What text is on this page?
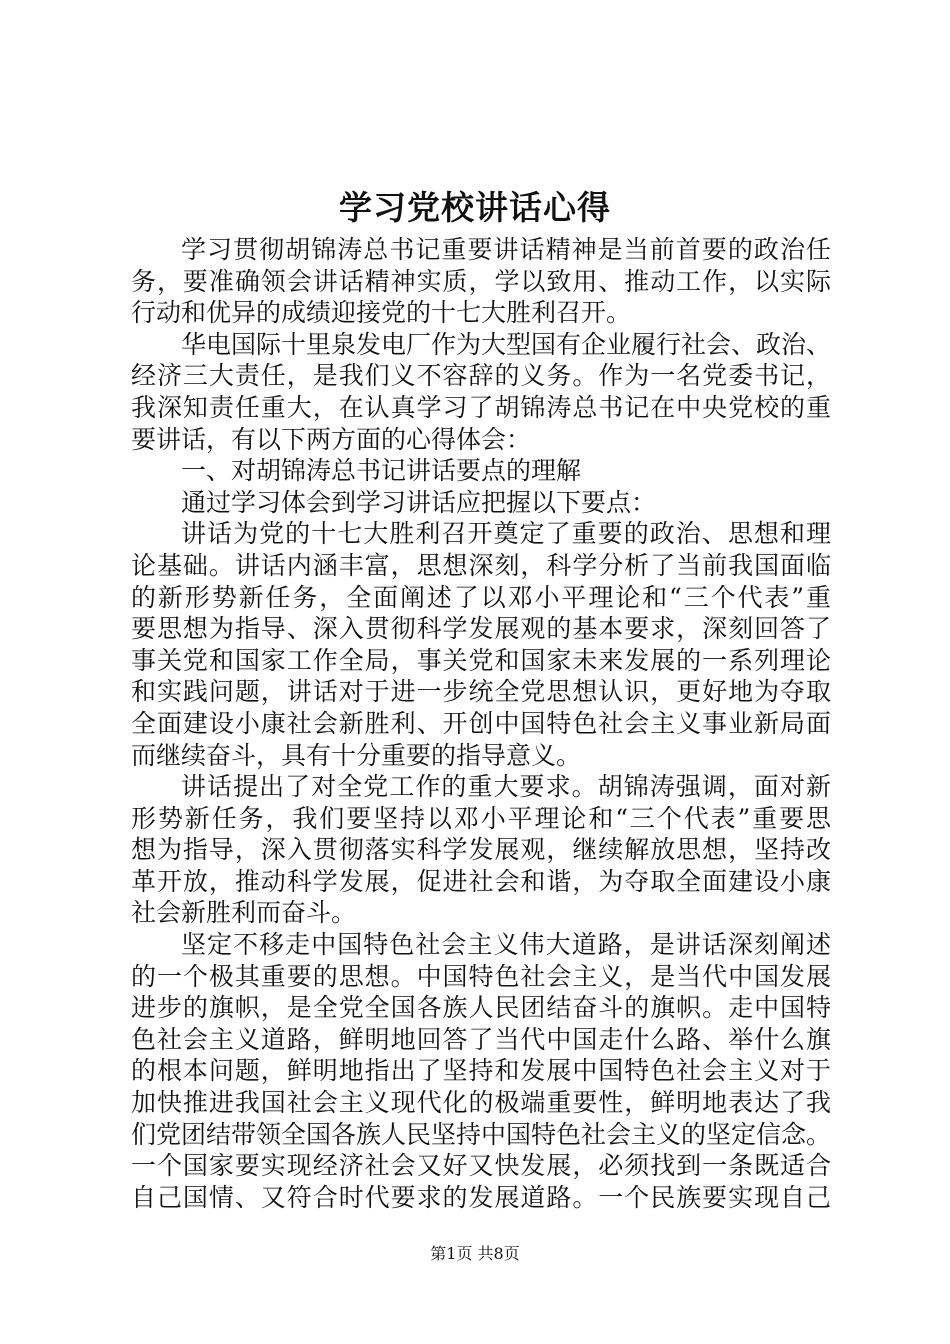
学习党校讲话心得
学习贯彻胡锦涛总书记重要讲话精神是当前首要的政治任
务，要准确领会讲话精神实质，学以致用、推动工作，以实际
行动和优异的成绩迎接党的十七大胜利召开。
华电国际十里泉发电厂作为大型国有企业履行社会、政治、
经济三大责任，是我们义不容辞的义务。作为一名党委书记，
我深知责任重大，在认真学习了胡锦涛总书记在中央党校的重
要讲话，有以下两方面的心得体会：
一、对胡锦涛总书记讲话要点的理解
通过学习体会到学习讲话应把握以下要点：
讲话为党的十七大胜利召开奠定了重要的政治、思想和理
论基础。讲话内涵丰富，思想深刻，科学分析了当前我国面临
的新形势新任务，全面阐述了以邓小平理论和“三个代表”重
要思想为指导、深入贯彻科学发展观的基本要求，深刻回答了
事关党和国家工作全局，事关党和国家未来发展的一系列理论
和实践问题，讲话对于进一步统全党思想认识，更好地为夺取
全面建设小康社会新胜利、开创中国特色社会主义事业新局面
而继续奋斗，具有十分重要的指导意义。
讲话提出了对全党工作的重大要求。胡锦涛强调，面对新
形势新任务，我们要坚持以邓小平理论和“三个代表”重要思
想为指导，深入贯彻落实科学发展观，继续解放思想，坚持改
革开放，推动科学发展，促进社会和谐，为夺取全面建设小康
社会新胜利而奋斗。
坚定不移走中国特色社会主义伟大道路，是讲话深刻阐述
的一个极其重要的思想。中国特色社会主义，是当代中国发展
进步的旗帜，是全党全国各族人民团结奋斗的旗帜。走中国特
色社会主义道路，鲜明地回答了当代中国走什么路、举什么旗
的根本问题，鲜明地指出了坚持和发展中国特色社会主义对于
加快推进我国社会主义现代化的极端重要性，鲜明地表达了我
们党团结带领全国各族人民坚持中国特色社会主义的坚定信念。
一个国家要实现经济社会又好又快发展，必须找到一条既适合
自己国情、又符合时代要求的发展道路。一个民族要实现自己
第1页 共8页
